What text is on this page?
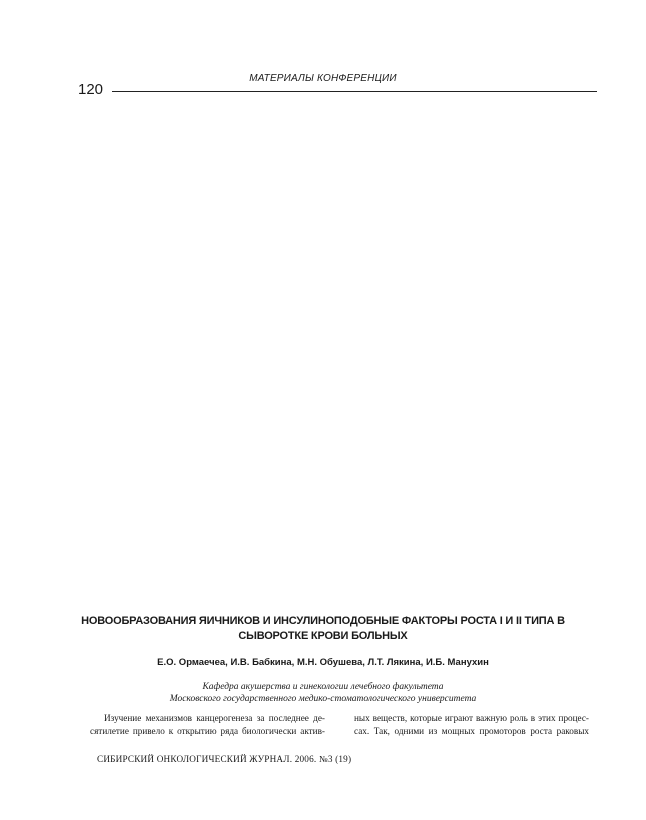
МАТЕРИАЛЫ КОНФЕРЕНЦИИ
120
НОВООБРАЗОВАНИЯ ЯИЧНИКОВ И ИНСУЛИНОПОДОБНЫЕ ФАКТОРЫ РОСТА I И II ТИПА В
СЫВОРОТКЕ КРОВИ БОЛЬНЫХ
Е.О. Ормаечеа, И.В. Бабкина, М.Н. Обушева, Л.Т. Лякина, И.Б. Манухин
Кафедра акушерства и гинекологии лечебного факультета
Московского государственного медико-стоматологического университета
Изучение механизмов канцерогенеза за последнее де-
сятилетие привело к открытию ряда биологически актив-
ных веществ, которые играют важную роль в этих процес-
сах. Так, одними из мощных промоторов роста раковых
СИБИРСКИЙ ОНКОЛОГИЧЕСКИЙ ЖУРНАЛ. 2006. №3 (19)
